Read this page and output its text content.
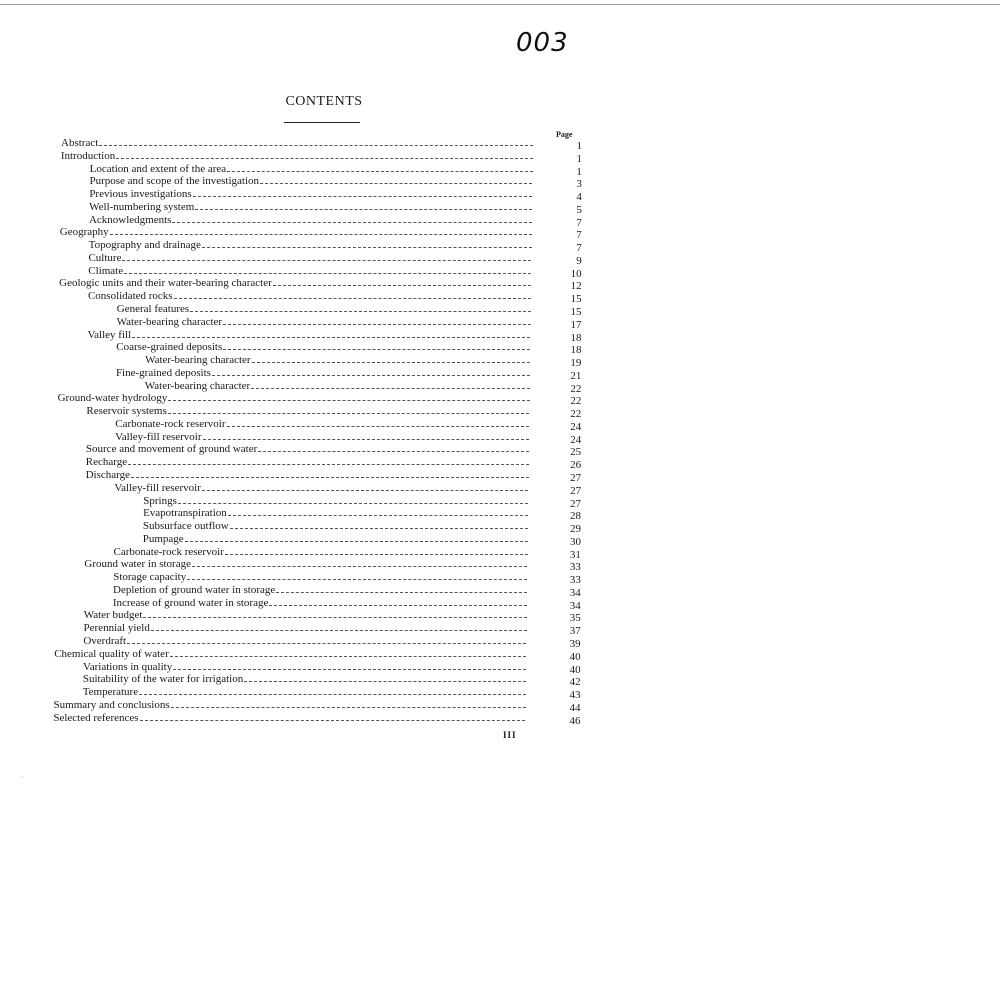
003
CONTENTS
Page
Abstract	1
Introduction	1
Location and extent of the area	1
Purpose and scope of the investigation	3
Previous investigations	4
Well-numbering system	5
Acknowledgments	7
Geography	7
Topography and drainage	7
Culture	9
Climate	10
Geologic units and their water-bearing character	12
Consolidated rocks	15
General features	15
Water-bearing character	17
Valley fill	18
Coarse-grained deposits	18
Water-bearing character	19
Fine-grained deposits	21
Water-bearing character	22
Ground-water hydrology	22
Reservoir systems	22
Carbonate-rock reservoir	24
Valley-fill reservoir	24
Source and movement of ground water	25
Recharge	26
Discharge	27
Valley-fill reservoir	27
Springs	27
Evapotranspiration	28
Subsurface outflow	29
Pumpage	30
Carbonate-rock reservoir	31
Ground water in storage	33
Storage capacity	33
Depletion of ground water in storage	34
Increase of ground water in storage	34
Water budget	35
Perennial yield	37
Overdraft	39
Chemical quality of water	40
Variations in quality	40
Suitability of the water for irrigation	42
Temperature	43
Summary and conclusions	44
Selected references	46
III
